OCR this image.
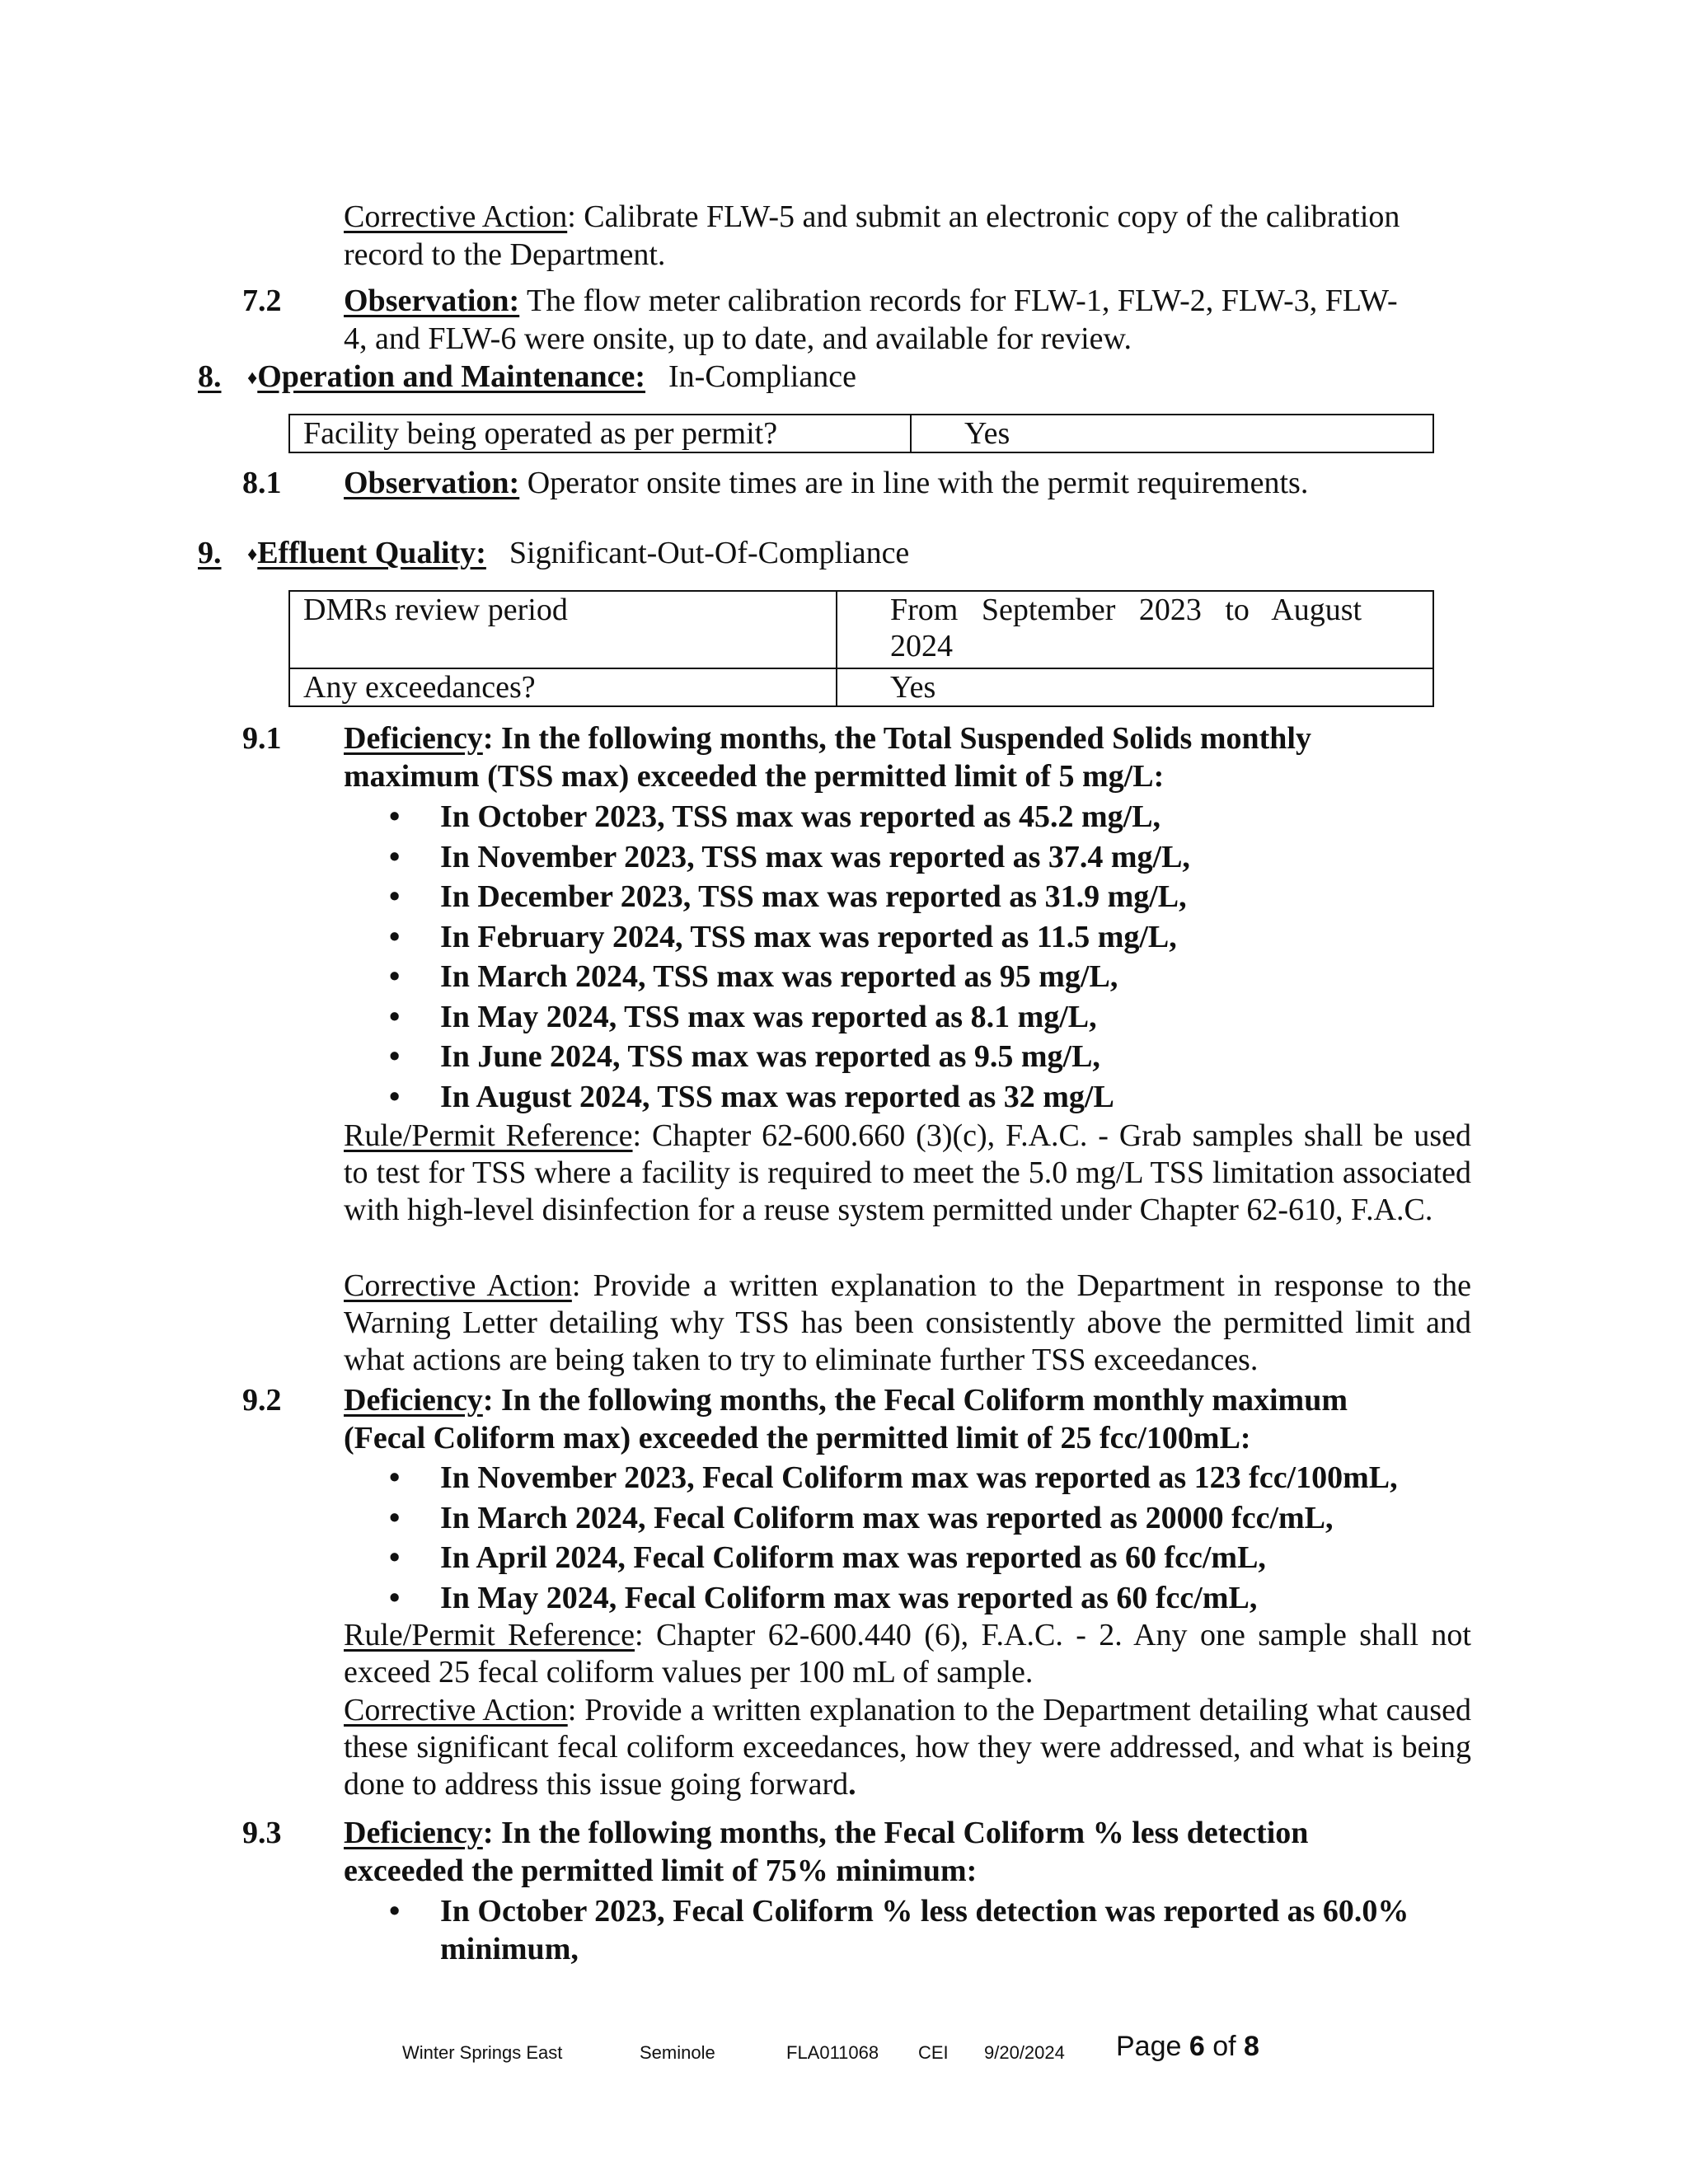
Corrective Action: Calibrate FLW-5 and submit an electronic copy of the calibration
record to the Department.
7.2 Observation: The flow meter calibration records for FLW-1, FLW-2, FLW-3, FLW-
4, and FLW-6 were onsite, up to date, and available for review.
8. ♦Operation and Maintenance: In-Compliance
Facility being operated as per permit?	Yes
8.1 Observation: Operator onsite times are in line with the permit requirements.
9. ♦Effluent Quality: Significant-Out-Of-Compliance
DMRs review period	From   September   2023   to   August
2024

Any exceedances?	Yes
9.1 Deficiency: In the following months, the Total Suspended Solids monthly
maximum (TSS max) exceeded the permitted limit of 5 mg/L:
• In October 2023, TSS max was reported as 45.2 mg/L,
• In November 2023, TSS max was reported as 37.4 mg/L,
• In December 2023, TSS max was reported as 31.9 mg/L,
• In February 2024, TSS max was reported as 11.5 mg/L,
• In March 2024, TSS max was reported as 95 mg/L,
• In May 2024, TSS max was reported as 8.1 mg/L,
• In June 2024, TSS max was reported as 9.5 mg/L,
• In August 2024, TSS max was reported as 32 mg/L
Rule/Permit Reference: Chapter 62-600.660 (3)(c), F.A.C. - Grab samples shall be used to test for TSS where a facility is required to meet the 5.0 mg/L TSS limitation associated with high-level disinfection for a reuse system permitted under Chapter 62-610, F.A.C.
Corrective Action: Provide a written explanation to the Department in response to the Warning Letter detailing why TSS has been consistently above the permitted limit and what actions are being taken to try to eliminate further TSS exceedances.
9.2 Deficiency: In the following months, the Fecal Coliform monthly maximum
(Fecal Coliform max) exceeded the permitted limit of 25 fcc/100mL:
• In November 2023, Fecal Coliform max was reported as 123 fcc/100mL,
• In March 2024, Fecal Coliform max was reported as 20000 fcc/mL,
• In April 2024, Fecal Coliform max was reported as 60 fcc/mL,
• In May 2024, Fecal Coliform max was reported as 60 fcc/mL,
Rule/Permit Reference: Chapter 62-600.440 (6), F.A.C. - 2. Any one sample shall not exceed 25 fecal coliform values per 100 mL of sample.
Corrective Action: Provide a written explanation to the Department detailing what caused these significant fecal coliform exceedances, how they were addressed, and what is being done to address this issue going forward.
9.3 Deficiency: In the following months, the Fecal Coliform % less detection
exceeded the permitted limit of 75% minimum:
• In October 2023, Fecal Coliform % less detection was reported as 60.0%
minimum,
Winter Springs East	Seminole	FLA011068 CEI 9/20/2024 Page 6 of 8
